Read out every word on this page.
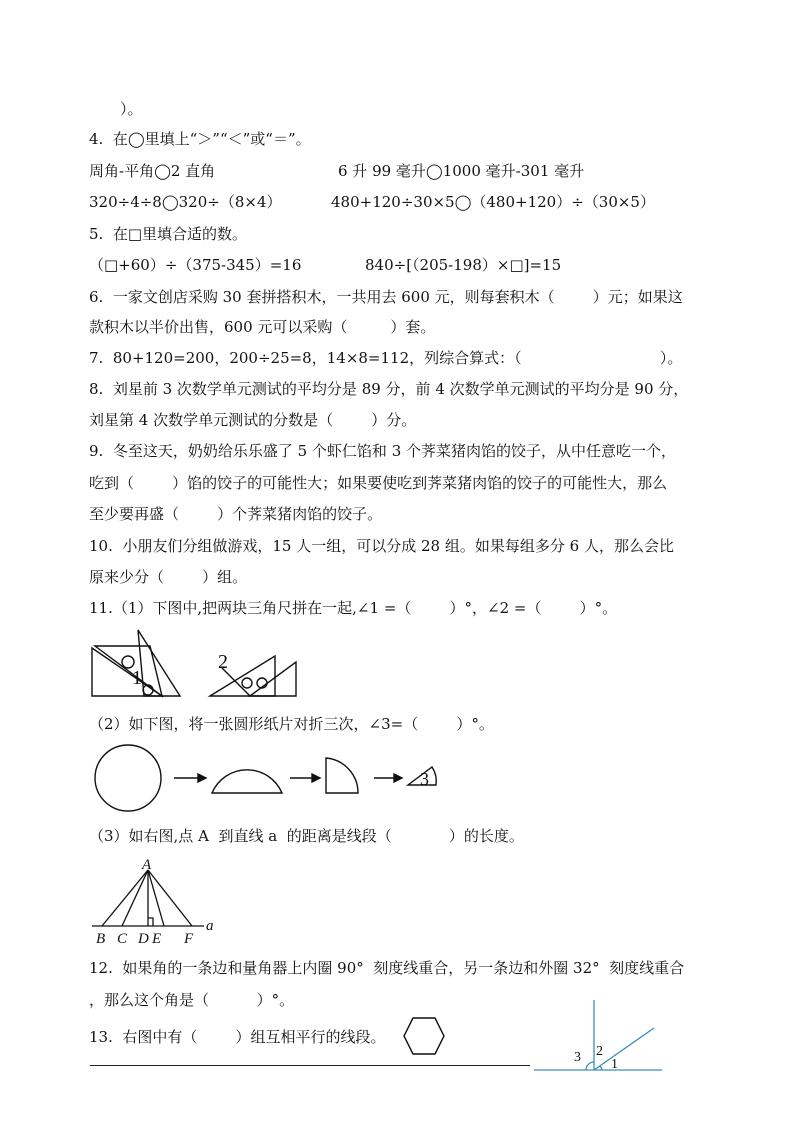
）。
4.  在◯里填上“＞”“＜”或“＝”。
周角-平角◯2 直角	6 升 99 毫升◯1000 毫升-301 毫升
320÷4÷8◯320÷（8×4）	480+120÷30×5◯（480+120）÷（30×5）
5.  在□里填合适的数。
（□+60）÷（375-345）=16	840÷[（205-198）×□]=15
6.  一家文创店采购 30 套拼搭积木，一共用去 600 元，则每套积木（        ）元；如果这
款积木以半价出售，600 元可以采购（         ）套。
7.  80+120=200，200÷25=8，14×8=112，列综合算式：（                             ）。
8.  刘星前 3 次数学单元测试的平均分是 89 分，前 4 次数学单元测试的平均分是 90 分，
刘星第 4 次数学单元测试的分数是（        ）分。
9.  冬至这天，奶奶给乐乐盛了 5 个虾仁馅和 3 个荠菜猪肉馅的饺子，从中任意吃一个，
吃到（        ）馅的饺子的可能性大；如果要使吃到荠菜猪肉馅的饺子的可能性大，那么
至少要再盛（        ）个荠菜猪肉馅的饺子。
10.  小朋友们分组做游戏，15 人一组，可以分成 28 组。如果每组多分 6 人，那么会比
原来少分（        ）组。
11.（1）下图中,把两块三角尺拼在一起,∠1 =（        ）°，∠2 =（        ）°。
1
2
（2）如下图，将一张圆形纸片对折三次，∠3=（        ）°。
3
（3）如右图,点 A  到直线 a  的距离是线段（            ）的长度。
A
B C D E F
a
12.  如果角的一条边和量角器上内圈 90°  刻度线重合，另一条边和外圈 32°  刻度线重合
，那么这个角是（          ）°。
13.  右图中有（        ）组互相平行的线段。
3 2
1
